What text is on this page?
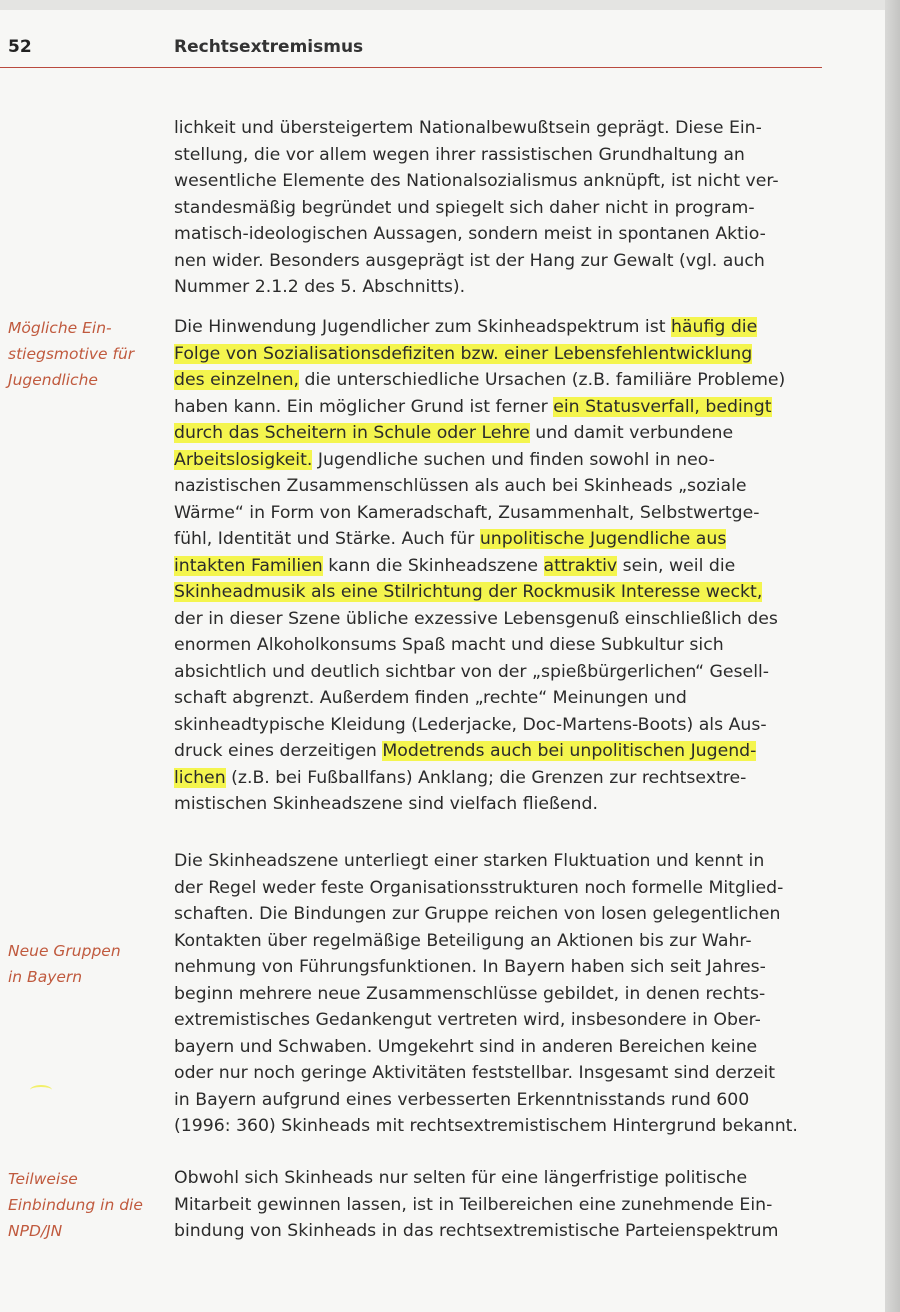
52	Rechtsextremismus
lichkeit und übersteigertem Nationalbewußtsein geprägt. Diese Ein-
stellung, die vor allem wegen ihrer rassistischen Grundhaltung an
wesentliche Elemente des Nationalsozialismus anknüpft, ist nicht ver-
standesmäßig begründet und spiegelt sich daher nicht in program-
matisch-ideologischen Aussagen, sondern meist in spontanen Aktio-
nen wider. Besonders ausgeprägt ist der Hang zur Gewalt (vgl. auch
Nummer 2.1.2 des 5. Abschnitts).
Mögliche Ein-
stiegsmotive für
Jugendliche
Die Hinwendung Jugendlicher zum Skinheadspektrum ist häufig die
Folge von Sozialisationsdefiziten bzw. einer Lebensfehlentwicklung
des einzelnen, die unterschiedliche Ursachen (z.B. familiäre Probleme)
haben kann. Ein möglicher Grund ist ferner ein Statusverfall, bedingt
durch das Scheitern in Schule oder Lehre und damit verbundene
Arbeitslosigkeit. Jugendliche suchen und finden sowohl in neo-
nazistischen Zusammenschlüssen als auch bei Skinheads „soziale
Wärme“ in Form von Kameradschaft, Zusammenhalt, Selbstwertge-
fühl, Identität und Stärke. Auch für unpolitische Jugendliche aus
intakten Familien kann die Skinheadszene attraktiv sein, weil die
Skinheadmusik als eine Stilrichtung der Rockmusik Interesse weckt,
der in dieser Szene übliche exzessive Lebensgenuß einschließlich des
enormen Alkoholkonsums Spaß macht und diese Subkultur sich
absichtlich und deutlich sichtbar von der „spießbürgerlichen“ Gesell-
schaft abgrenzt. Außerdem finden „rechte“ Meinungen und
skinheadtypische Kleidung (Lederjacke, Doc-Martens-Boots) als Aus-
druck eines derzeitigen Modetrends auch bei unpolitischen Jugend-
lichen (z.B. bei Fußballfans) Anklang; die Grenzen zur rechtsextre-
mistischen Skinheadszene sind vielfach fließend.
Neue Gruppen
in Bayern
Die Skinheadszene unterliegt einer starken Fluktuation und kennt in
der Regel weder feste Organisationsstrukturen noch formelle Mitglied-
schaften. Die Bindungen zur Gruppe reichen von losen gelegentlichen
Kontakten über regelmäßige Beteiligung an Aktionen bis zur Wahr-
nehmung von Führungsfunktionen. In Bayern haben sich seit Jahres-
beginn mehrere neue Zusammenschlüsse gebildet, in denen rechts-
extremistisches Gedankengut vertreten wird, insbesondere in Ober-
bayern und Schwaben. Umgekehrt sind in anderen Bereichen keine
oder nur noch geringe Aktivitäten feststellbar. Insgesamt sind derzeit
in Bayern aufgrund eines verbesserten Erkenntnisstands rund 600
(1996: 360) Skinheads mit rechtsextremistischem Hintergrund bekannt.
Teilweise
Einbindung in die
NPD/JN
Obwohl sich Skinheads nur selten für eine längerfristige politische
Mitarbeit gewinnen lassen, ist in Teilbereichen eine zunehmende Ein-
bindung von Skinheads in das rechtsextremistische Parteienspektrum
